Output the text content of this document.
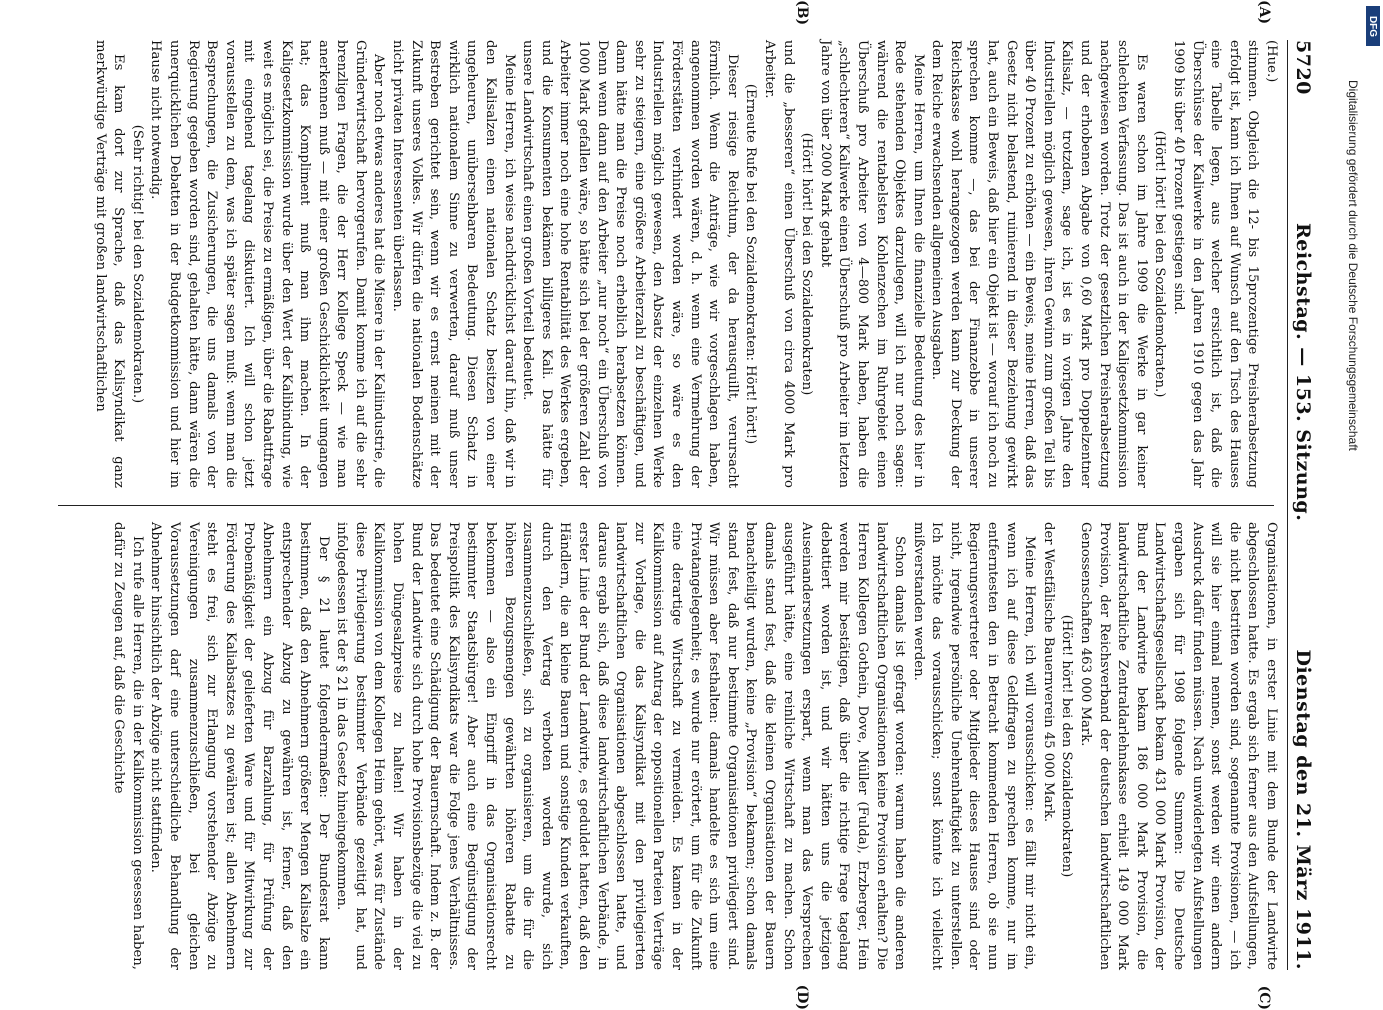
5720
Reichstag. — 153. Sitzung.
Dienstag den 21. März 1911.
(A)
(B)
(C)
(D)

(Hue.)

stimmen. Obgleich die 12- bis 15prozentige Preisherabsetzung erfolgt ist, kann ich Ihnen auf Wunsch auf den Tisch des Hauses eine Tabelle legen, aus welcher ersichtlich ist, daß die Überschüsse der Kaliwerke in den Jahren 1910 gegen das Jahr 1909 bis über 40 Prozent gestiegen sind.

(Hört! hört! bei den Sozialdemokraten.)

Es waren schon im Jahre 1909 die Werke in gar keiner schlechten Verfassung. Das ist auch in der Kaligesetzkommission nachgewiesen worden. Trotz der gesetzlichen Preisherabsetzung und der erhobenen Abgabe von 0,60 Mark pro Doppelzentner Kalisalz, — trotzdem, sage ich, ist es in vorigen Jahre den Industriellen möglich gewesen, ihren Gewinn zum großen Teil bis über 40 Prozent zu erhöhen — ein Beweis, meine Herren, daß das Gesetz nicht belastend, ruinierend in dieser Beziehung gewirkt hat, auch ein Beweis, daß hier ein Objekt ist — worauf ich noch zu sprechen komme —, das bei der Finanzebbe in unserer Reichskasse wohl herangezogen werden kann zur Deckung der dem Reiche erwachsenden allgemeinen Ausgaben.

Meine Herren, um Ihnen die finanzielle Bedeutung des hier in Rede stehenden Objektes darzulegen, will ich nur noch sagen: während die rentabelsten Kohlenzechen im Ruhrgebiet einen Überschuß pro Arbeiter von 4—800 Mark haben, haben die „schlechteren“ Kaliwerke einen Überschuß pro Arbeiter im letzten Jahre von über 2000 Mark gehabt

(Hört! hört! bei den Sozialdemokraten)

und die „besseren“ einen Überschuß von circa 4000 Mark pro Arbeiter.

(Erneute Rufe bei den Sozialdemokraten: Hört! hört!)

Dieser riesige Reichtum, der da herausquillt, verursacht förmlich. Wenn die Anträge, wie wir vorgeschlagen haben, angenommen worden wären, d. h. wenn eine Vermehrung der Förderstätten verhindert worden wäre, so wäre es den Industriellen möglich gewesen, den Absatz der einzelnen Werke sehr zu steigern, eine größere Arbeiterzahl zu beschäftigen, und dann hätte man die Preise noch erheblich herabsetzen können. Denn wenn dann auf den Arbeiter „nur noch“ ein Überschuß von 1000 Mark gefallen wäre, so hätte sich bei der größeren Zahl der Arbeiter immer noch eine hohe Rentabilität des Werkes ergeben, und die Konsumenten bekämen billigeres Kali. Das hätte für unsere Landwirtschaft einen großen Vorteil bedeutet.

Meine Herren, ich weise nachdrücklichst darauf hin, daß wir in den Kalisalzen einen nationalen Schatz besitzen von einer ungeheuren, unübersehbaren Bedeutung. Diesen Schatz in wirklich nationalem Sinne zu verwerten, darauf muß unser Bestreben gerichtet sein, wenn wir es ernst meinen mit der Zukunft unseres Volkes. Wir dürfen die nationalen Bodenschätze nicht privaten Interessenten überlassen.

Aber noch etwas anderes hat die Misere in der Kaliindustrie, die Gründerwirtschaft hervorgerufen. Damit komme ich auf die sehr brenzligen Fragen, die der Herr Kollege Speck — wie man anerkennen muß — mit einer großen Geschicklichkeit umgangen hat; das Kompliment muß man ihm machen. In der Kaligesetzkommission wurde über den Wert der Kalibindung, wie weit es möglich sei, die Preise zu ermäßigen, über die Rabattfrage mit eingehend tagelang diskutiert. Ich will schon jetzt vorausstellen zu dem, was ich später sagen muß: wenn man die Besprechungen, die Zusicherungen, die uns damals von der Regierung gegeben worden sind, gehalten hätte, dann wären die unerquicklichen Debatten in der Budgetkommission und hier im Hause nicht notwendig.

(Sehr richtig! bei den Sozialdemokraten.)

Es kam dort zur Sprache, daß das Kalisyndikat ganz merkwürdige Verträge mit großen landwirtschaftlichen

Organisationen, in erster Linie mit dem Bunde der Landwirte abgeschlossen hatte. Es ergab sich ferner aus den Aufstellungen, die nicht bestritten worden sind, sogenannte Provisionen, — ich will sie hier einmal nennen, sonst werden wir einen andern Ausdruck dafür finden müssen. Nach unwiderlegten Aufstellungen ergaben sich für 1908 folgende Summen: Die Deutsche Landwirtschaftsgesellschaft bekam 431 000 Mark Provision, der Bund der Landwirte bekam 186 000 Mark Provision, die landwirtschaftliche Zentraldarlehnskasse erhielt 149 000 Mark Provision, der Reichsverband der deutschen landwirtschaftlichen Genossenschaften 463 000 Mark.

(Hört! hört! bei den Sozialdemokraten)

der Westfälische Bauernverein 45 000 Mark.

Meine Herren, ich will vorausschicken: es fällt mir nicht ein, wenn ich auf diese Geldfragen zu sprechen komme, nur im entferntesten den in Betracht kommenden Herren, ob sie nun Regierungsvertreter oder Mitglieder dieses Hauses sind oder nicht, irgendwie persönliche Unehrenhaftigkeit zu unterstellen. Ich möchte das vorausschicken; sonst könnte ich vielleicht mißverstanden werden.

Schon damals ist gefragt worden: warum haben die anderen landwirtschaftlichen Organisationen keine Provision erhalten? Die Herren Kollegen Gothein, Dove, Müller (Fulda), Erzberger, Hein werden mir bestätigen, daß über die richtige Frage tagelang debattiert worden ist, und wir hätten uns die jetzigen Auseinandersetzungen erspart, wenn man das Versprechen ausgeführt hätte, eine reinliche Wirtschaft zu machen. Schon damals stand fest, daß die kleinen Organisationen der Bauern benachteiligt wurden, keine „Provision“ bekamen; schon damals stand fest, daß nur bestimmte Organisationen privilegiert sind. Wir müssen aber festhalten: damals handelte es sich um eine Privatangelegenheit; es wurde nur erörtert, um für die Zukunft eine derartige Wirtschaft zu vermeiden. Es kamen in der Kalikommission auf Antrag der oppositionellen Parteien Verträge zur Vorlage, die das Kalisyndikat mit den privilegierten landwirtschaftlichen Organisationen abgeschlossen hatte, und daraus ergab sich, daß diese landwirtschaftlichen Verbände, in erster Linie der Bund der Landwirte, es geduldet hatten, daß den Händlern, die an kleine Bauern und sonstige Kunden verkauften, durch den Vertrag verboten worden wurde, sich zusammenzuschließen, sich zu organisieren, um die für die höheren Bezugsmengen gewährten höheren Rabatte zu bekommen — also ein Eingriff in das Organisationsrecht bestimmter Staatsbürger! Aber auch eine Begünstigung der Preispolitik des Kalisyndikats war die Folge jenes Verhältnisses. Das bedeutet eine Schädigung der Bauernschaft. Indem z. B. der Bund der Landwirte sich durch hohe Provisionsbezüge die viel zu hohen Düngesalzpreise zu halten! Wir haben in der Kalikommission von dem Kollegen Heim gehört, was für Zustände diese Privilegierung bestimmter Verbände gezeitigt hat, und infolgedessen ist der § 21 in das Gesetz hineingekommen.

Der § 21 lautet folgendermaßen: Der Bundesrat kann bestimmen, daß den Abnehmern größerer Mengen Kalisalze ein entsprechender Abzug zu gewähren ist, ferner, daß den Abnehmern ein Abzug für Barzahlung, für Prüfung der Probemäßigkeit der gelieferten Ware und für Mitwirkung zur Förderung des Kaliabsatzes zu gewähren ist; allen Abnehmern steht es frei, sich zur Erlangung vorstehender Abzüge zu Vereinigungen zusammenzuschließen, bei gleichen Voraussetzungen darf eine unterschiedliche Behandlung der Abnehmer hinsichtlich der Abzüge nicht stattfinden.

Ich rufe alle Herren, die in der Kalikommission gesessen haben, dafür zu Zeugen auf, daß die Geschichte

DFG
Digitalisierung gefördert durch die Deutsche Forschungsgemeinschaft
